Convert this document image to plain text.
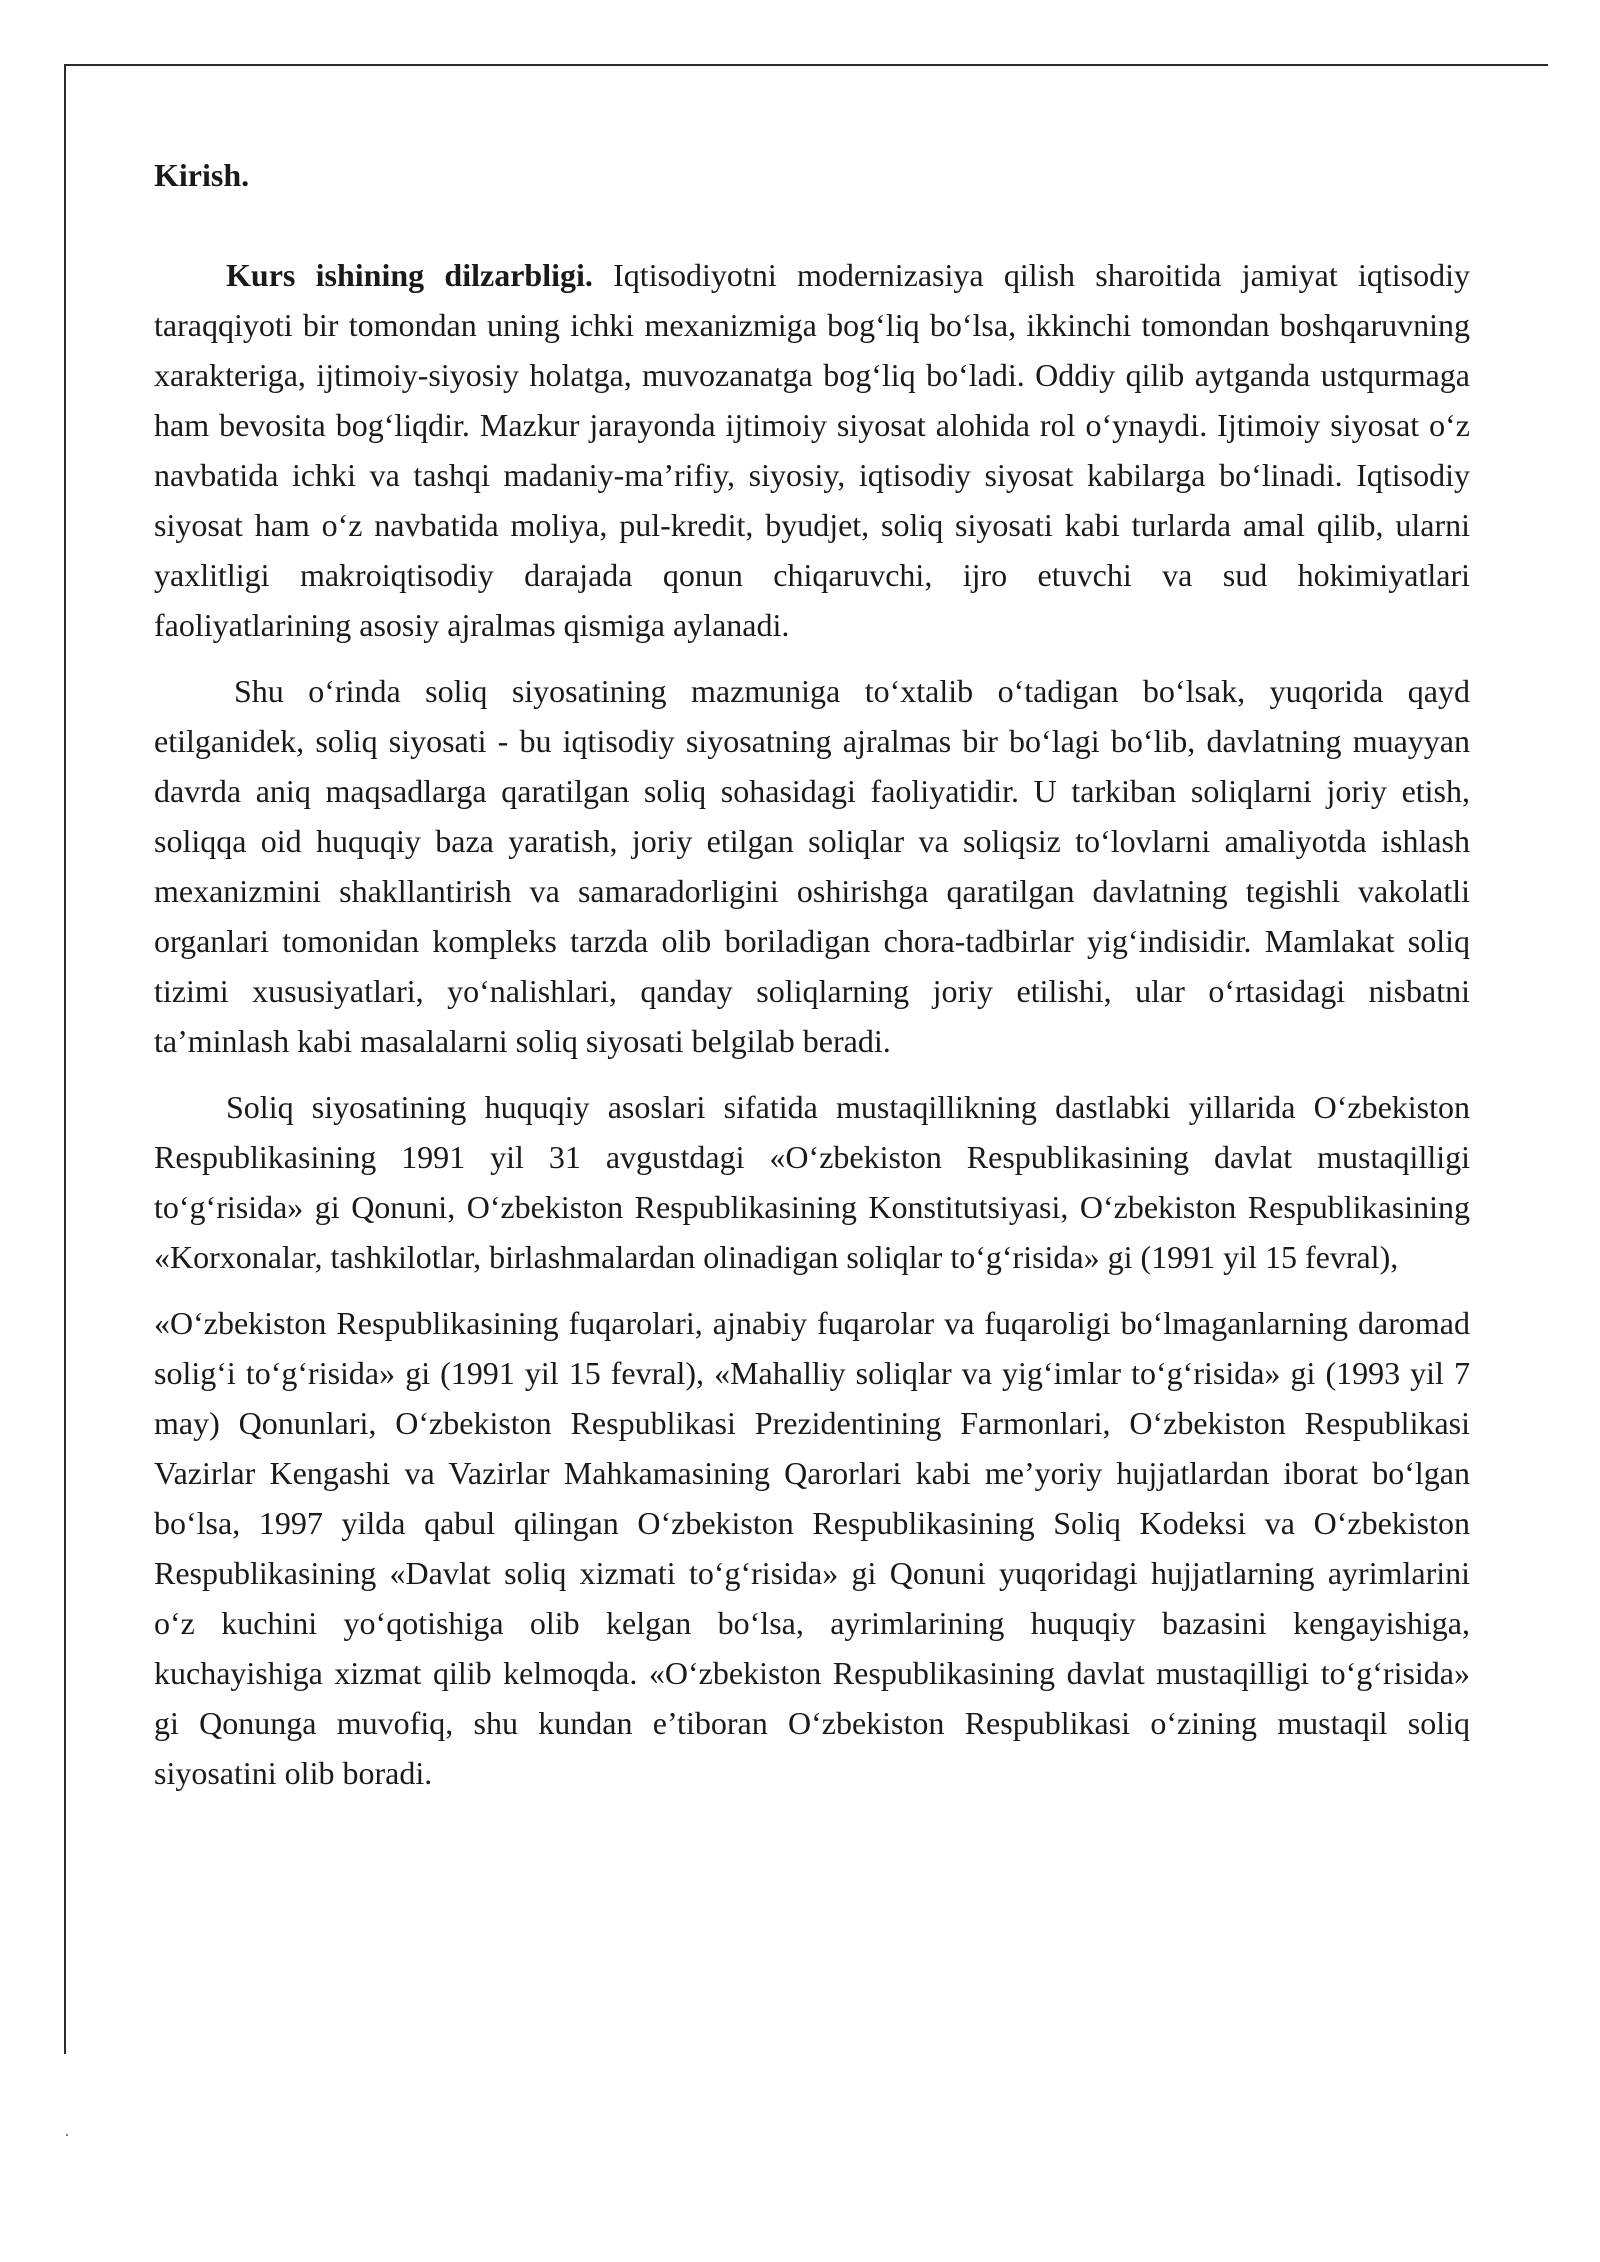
Kirish.

Kurs ishining dilzarbligi. Iqtisodiyotni modernizasiya qilish sharoitida jamiyat iqtisodiy taraqqiyoti bir tomondan uning ichki mexanizmiga bog‘liq bo‘lsa, ikkinchi tomondan boshqaruvning xarakteriga, ijtimoiy-siyosiy holatga, muvozanatga bog‘liq bo‘ladi. Oddiy qilib aytganda ustqurmaga ham bevosita bog‘liqdir. Mazkur jarayonda ijtimoiy siyosat alohida rol o‘ynaydi. Ijtimoiy siyosat o‘z navbatida ichki va tashqi madaniy-ma’rifiy, siyosiy, iqtisodiy siyosat kabilarga bo‘linadi. Iqtisodiy siyosat ham o‘z navbatida moliya, pul-kredit, byudjet, soliq siyosati kabi turlarda amal qilib, ularni yaxlitligi makroiqtisodiy darajada qonun chiqaruvchi, ijro etuvchi va sud hokimiyatlari faoliyatlarining asosiy ajralmas qismiga aylanadi.

Shu o‘rinda soliq siyosatining mazmuniga to‘xtalib o‘tadigan bo‘lsak, yuqorida qayd etilganidek, soliq siyosati - bu iqtisodiy siyosatning ajralmas bir bo‘lagi bo‘lib, davlatning muayyan davrda aniq maqsadlarga qaratilgan soliq sohasidagi faoliyatidir. U tarkiban soliqlarni joriy etish, soliqqa oid huquqiy baza yaratish, joriy etilgan soliqlar va soliqsiz to‘lovlarni amaliyotda ishlash mexanizmini shakllantirish va samaradorligini oshirishga qaratilgan davlatning tegishli vakolatli organlari tomonidan kompleks tarzda olib boriladigan chora-tadbirlar yig‘indisidir. Mamlakat soliq tizimi xususiyatlari, yo‘nalishlari, qanday soliqlarning joriy etilishi, ular o‘rtasidagi nisbatni ta’minlash kabi masalalarni soliq siyosati belgilab beradi.

Soliq siyosatining huquqiy asoslari sifatida mustaqillikning dastlabki yillarida O‘zbekiston Respublikasining 1991 yil 31 avgustdagi «O‘zbekiston Respublikasining davlat mustaqilligi to‘g‘risida» gi Qonuni, O‘zbekiston Respublikasining Konstitutsiyasi, O‘zbekiston Respublikasining «Korxonalar, tashkilotlar, birlashmalardan olinadigan soliqlar to‘g‘risida» gi (1991 yil 15 fevral),

«O‘zbekiston Respublikasining fuqarolari, ajnabiy fuqarolar va fuqaroligi bo‘lmaganlarning daromad solig‘i to‘g‘risida» gi (1991 yil 15 fevral), «Mahalliy soliqlar va yig‘imlar to‘g‘risida» gi (1993 yil 7 may) Qonunlari, O‘zbekiston Respublikasi Prezidentining Farmonlari, O‘zbekiston Respublikasi Vazirlar Kengashi va Vazirlar Mahkamasining Qarorlari kabi me’yoriy hujjatlardan iborat bo‘lgan bo‘lsa, 1997 yilda qabul qilingan O‘zbekiston Respublikasining Soliq Kodeksi va O‘zbekiston Respublikasining «Davlat soliq xizmati to‘g‘risida» gi Qonuni yuqoridagi hujjatlarning ayrimlarini o‘z kuchini yo‘qotishiga olib kelgan bo‘lsa, ayrimlarining huquqiy bazasini kengayishiga, kuchayishiga xizmat qilib kelmoqda. «O‘zbekiston Respublikasining davlat mustaqilligi to‘g‘risida» gi Qonunga muvofiq, shu kundan e’tiboran O‘zbekiston Respublikasi o‘zining mustaqil soliq siyosatini olib boradi.
